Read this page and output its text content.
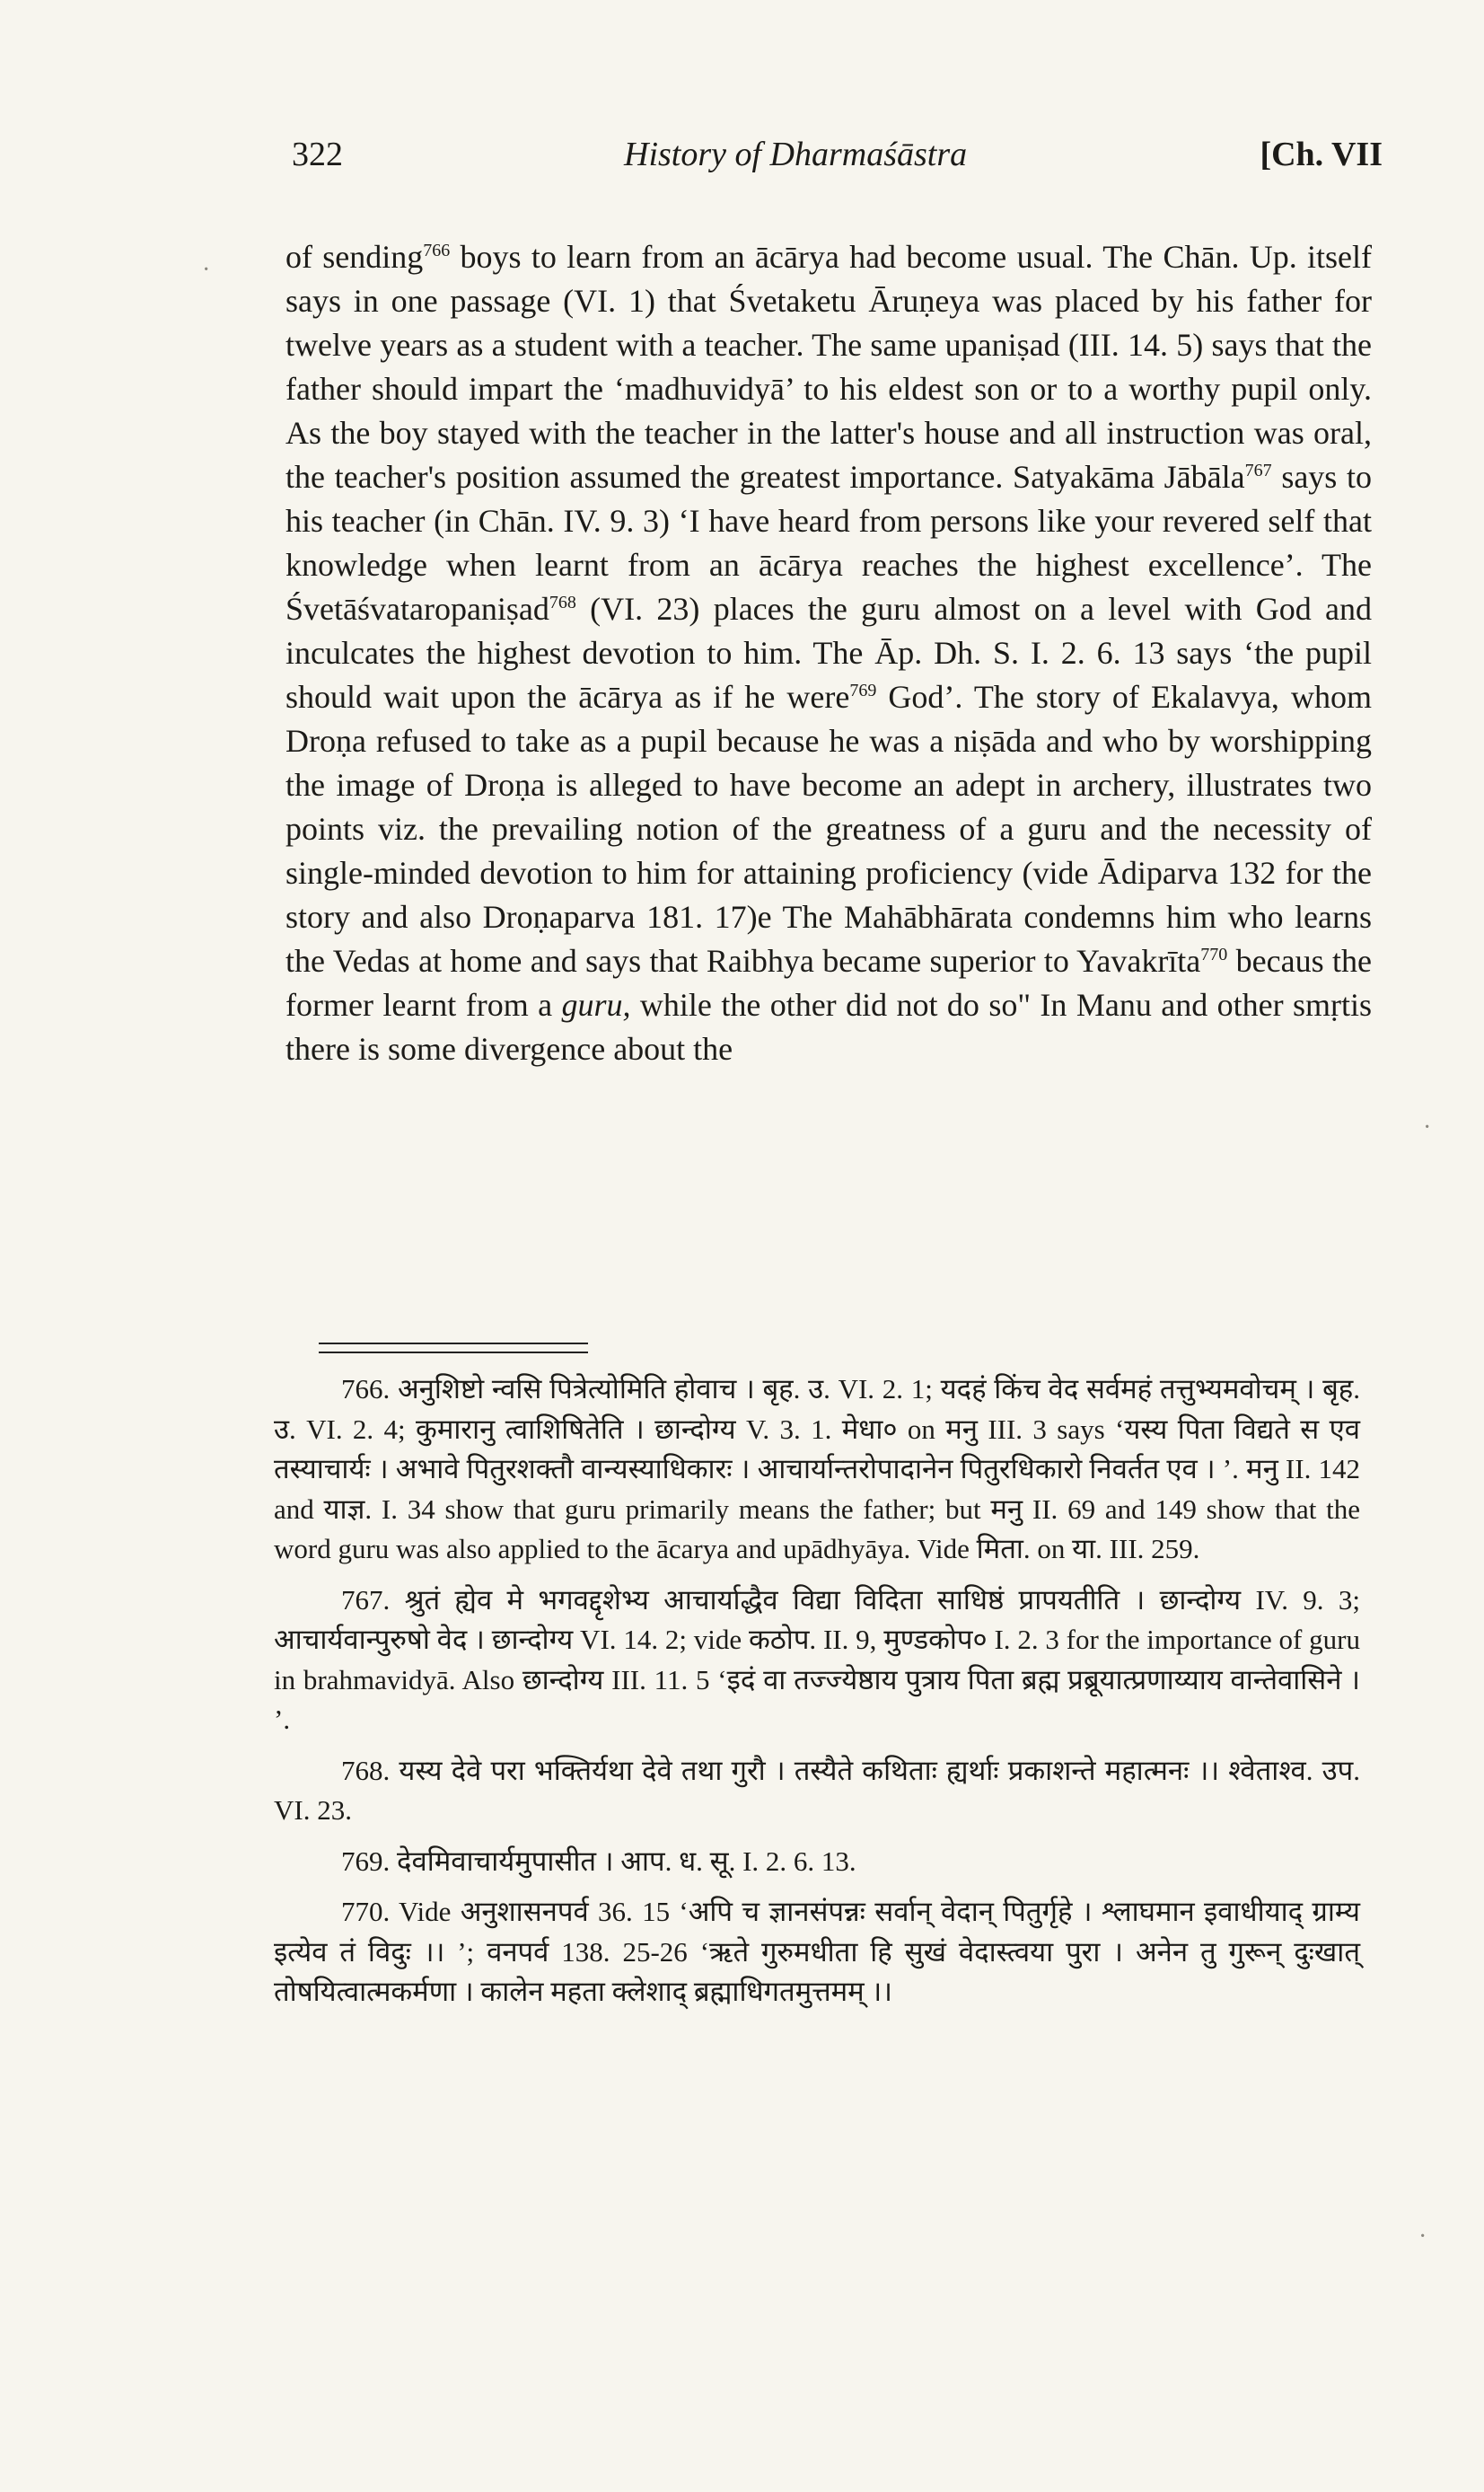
322	History of Dharmaśāstra	[Ch. VII

of sending$^{766}$ boys to learn from an ācārya had become usual. The Chān. Up. itself says in one passage (VI. 1) that Śvetaketu Āruṇeya was placed by his father for twelve years as a student with a teacher. The same upaniṣad (III. 14. 5) says that the father should impart the ‘madhuvidyā’ to his eldest son or to a worthy pupil only. As the boy stayed with the teacher in the latter's house and all instruction was oral, the teacher's position assumed the greatest importance. Satyakāma Jābāla$^{767}$ says to his teacher (in Chān. IV. 9. 3) ‘I have heard from persons like your revered self that knowledge when learnt from an ācārya reaches the highest excellence’. The Śvetāśvataropaniṣad$^{768}$ (VI. 23) places the guru almost on a level with God and inculcates the highest devotion to him. The Āp. Dh. S. I. 2. 6. 13 says ‘the pupil should wait upon the ācārya as if he were$^{769}$ God’. The story of Ekalavya, whom Droṇa refused to take as a pupil because he was a niṣāda and who by worshipping the image of Droṇa is alleged to have become an adept in archery, illustrates two points viz. the prevailing notion of the greatness of a guru and the necessity of single-minded devotion to him for attaining proficiency (vide Ādiparva 132 for the story and also Droṇaparva 181. 17)e The Mahābhārata condemns him who learns the Vedas at home and says that Raibhya became superior to Yavakrīta$^{770}$ becaus the former learnt from a guru, while the other did not do so" In Manu and other smṛtis there is some divergence about the

766. अनुशिष्टो न्वसि पित्रेत्योमिति होवाच । बृह. उ. VI. 2. 1; यदहं किंच वेद सर्वमहं तत्तुभ्यमवोचम् । बृह. उ. VI. 2. 4; कुमारानु त्वाशिषितेति । छान्दोग्य V. 3. 1. मेधा० on मनु III. 3 says ‘यस्य पिता विद्यते स एव तस्याचार्यः । अभावे पितुरशक्तौ वान्यस्याधिकारः । आचार्यान्तरोपादानेन पितुरधिकारो निवर्तत एव । ’. मनु II. 142 and याज्ञ. I. 34 show that guru primarily means the father; but मनु II. 69 and 149 show that the word guru was also applied to the ācarya and upādhyāya. Vide मिता. on या. III. 259.

767. श्रुतं ह्येव मे भगवद्दृशेभ्य आचार्याद्धैव विद्या विदिता साधिष्ठं प्रापयतीति । छान्दोग्य IV. 9. 3; आचार्यवान्पुरुषो वेद । छान्दोग्य VI. 14. 2; vide कठोप. II. 9, मुण्डकोप० I. 2. 3 for the importance of guru in brahmavidyā. Also छान्दोग्य III. 11. 5 ‘इदं वा तज्ज्येष्ठाय पुत्राय पिता ब्रह्म प्रब्रूयात्प्रणाय्याय वान्तेवासिने । ’.

768. यस्य देवे परा भक्तिर्यथा देवे तथा गुरौ । तस्यैते कथिताः ह्यर्थाः प्रकाशन्ते महात्मनः ।। श्वेताश्व. उप. VI. 23.

769. देवमिवाचार्यमुपासीत । आप. ध. सू. I. 2. 6. 13.

770. Vide अनुशासनपर्व 36. 15 ‘अपि च ज्ञानसंपन्नः सर्वान् वेदान् पितुर्गृहे । श्लाघमान इवाधीयाद् ग्राम्य इत्येव तं विदुः ।। ’; वनपर्व 138. 25-26 ‘ऋते गुरुमधीता हि सुखं वेदास्त्वया पुरा । अनेन तु गुरून् दुःखात् तोषयित्वात्मकर्मणा । कालेन महता क्लेशाद् ब्रह्माधिगतमुत्तमम् ।।

·
·
·
